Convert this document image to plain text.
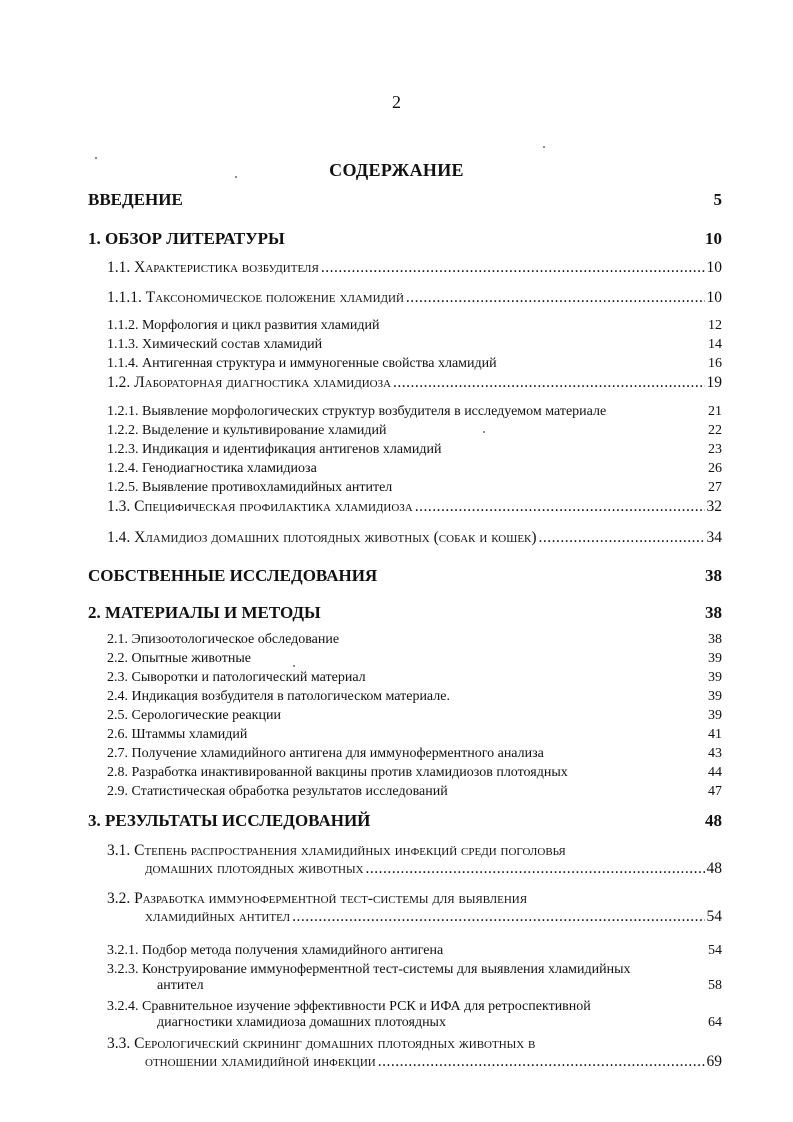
2
СОДЕРЖАНИЕ
ВВЕДЕНИЕ	5
1. ОБЗОР ЛИТЕРАТУРЫ	10
1.1. Характеристика возбудителя .....	10
1.1.1. Таксономическое положение хламидий .....	10
1.1.2. Морфология и цикл развития хламидий	12
1.1.3. Химический состав хламидий	14
1.1.4. Антигенная структура и иммуногенные свойства хламидий	16
1.2. Лабораторная диагностика хламидиоза .....	19
1.2.1. Выявление морфологических структур возбудителя в исследуемом материале	21
1.2.2. Выделение и культивирование хламидий	22
1.2.3. Индикация и идентификация антигенов хламидий	23
1.2.4. Генодиагностика хламидиоза	26
1.2.5. Выявление противохламидийных антител	27
1.3. Специфическая профилактика хламидиоза .....	32
1.4. Хламидиоз домашних плотоядных животных (собак и кошек) .....	34
СОБСТВЕННЫЕ ИССЛЕДОВАНИЯ	38
2. МАТЕРИАЛЫ И МЕТОДЫ	38
2.1. Эпизоотологическое обследование	38
2.2. Опытные животные	39
2.3. Сыворотки и патологический материал	39
2.4. Индикация возбудителя в патологическом материале.	39
2.5. Серологические реакции	39
2.6. Штаммы хламидий	41
2.7. Получение хламидийного антигена для иммуноферментного анализа	43
2.8. Разработка инактивированной вакцины против хламидиозов плотоядных	44
2.9. Статистическая обработка результатов исследований	47
3. РЕЗУЛЬТАТЫ ИССЛЕДОВАНИЙ	48
3.1. Степень распространения хламидийных инфекций среди поголовья
домашних плотоядных животных .....	48
3.2. Разработка иммуноферментной тест-системы для выявления
хламидийных антител .....	54
3.2.1. Подбор метода получения хламидийного антигена	54
3.2.3. Конструирование иммуноферментной тест-системы для выявления хламидийных
антител	58
3.2.4. Сравнительное изучение эффективности РСК и ИФА для ретроспективной
диагностики хламидиоза домашних плотоядных	64
3.3. Серологический скрининг домашних плотоядных животных в
отношении хламидийной инфекции .....	69
